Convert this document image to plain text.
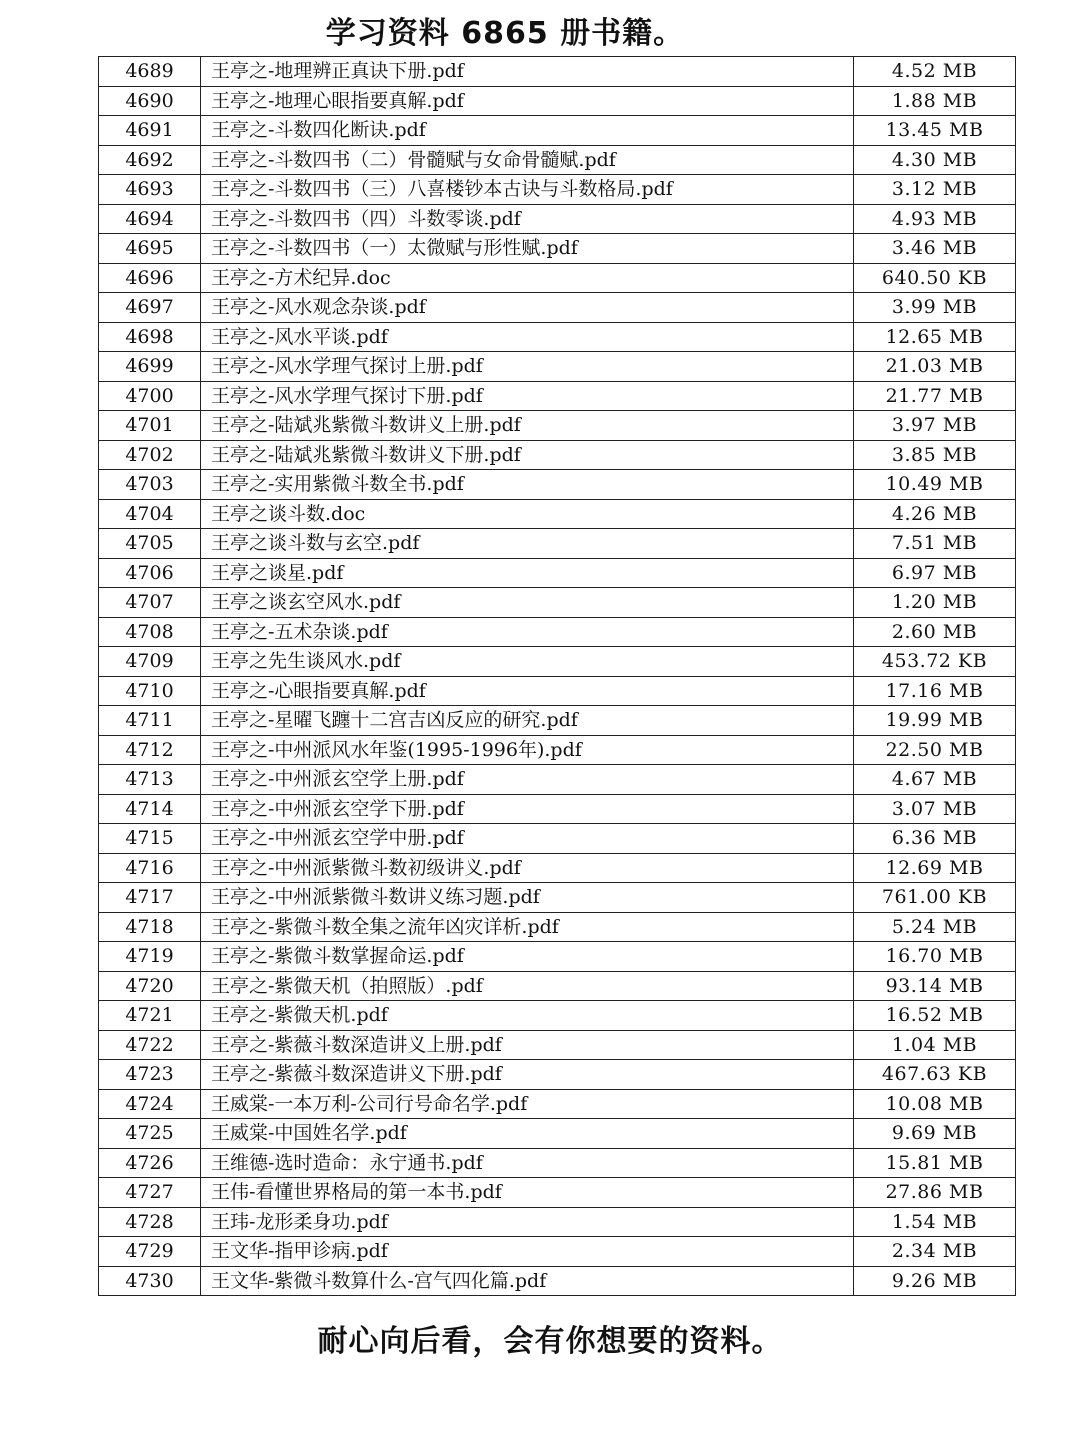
学习资料 6865 册书籍。
4689	王亭之-地理辨正真诀下册.pdf	4.52 MB
4690	王亭之-地理心眼指要真解.pdf	1.88 MB
4691	王亭之-斗数四化断诀.pdf	13.45 MB
4692	王亭之-斗数四书（二）骨髓赋与女命骨髓赋.pdf	4.30 MB
4693	王亭之-斗数四书（三）八喜楼钞本古诀与斗数格局.pdf	3.12 MB
4694	王亭之-斗数四书（四）斗数零谈.pdf	4.93 MB
4695	王亭之-斗数四书（一）太微赋与形性赋.pdf	3.46 MB
4696	王亭之-方术纪异.doc	640.50 KB
4697	王亭之-风水观念杂谈.pdf	3.99 MB
4698	王亭之-风水平谈.pdf	12.65 MB
4699	王亭之-风水学理气探讨上册.pdf	21.03 MB
4700	王亭之-风水学理气探讨下册.pdf	21.77 MB
4701	王亭之-陆斌兆紫微斗数讲义上册.pdf	3.97 MB
4702	王亭之-陆斌兆紫微斗数讲义下册.pdf	3.85 MB
4703	王亭之-实用紫微斗数全书.pdf	10.49 MB
4704	王亭之谈斗数.doc	4.26 MB
4705	王亭之谈斗数与玄空.pdf	7.51 MB
4706	王亭之谈星.pdf	6.97 MB
4707	王亭之谈玄空风水.pdf	1.20 MB
4708	王亭之-五术杂谈.pdf	2.60 MB
4709	王亭之先生谈风水.pdf	453.72 KB
4710	王亭之-心眼指要真解.pdf	17.16 MB
4711	王亭之-星曜飞躔十二宫吉凶反应的研究.pdf	19.99 MB
4712	王亭之-中州派风水年鉴(1995-1996年).pdf	22.50 MB
4713	王亭之-中州派玄空学上册.pdf	4.67 MB
4714	王亭之-中州派玄空学下册.pdf	3.07 MB
4715	王亭之-中州派玄空学中册.pdf	6.36 MB
4716	王亭之-中州派紫微斗数初级讲义.pdf	12.69 MB
4717	王亭之-中州派紫微斗数讲义练习题.pdf	761.00 KB
4718	王亭之-紫微斗数全集之流年凶灾详析.pdf	5.24 MB
4719	王亭之-紫微斗数掌握命运.pdf	16.70 MB
4720	王亭之-紫微天机（拍照版）.pdf	93.14 MB
4721	王亭之-紫微天机.pdf	16.52 MB
4722	王亭之-紫薇斗数深造讲义上册.pdf	1.04 MB
4723	王亭之-紫薇斗数深造讲义下册.pdf	467.63 KB
4724	王威棠-一本万利-公司行号命名学.pdf	10.08 MB
4725	王威棠-中国姓名学.pdf	9.69 MB
4726	王维德-选时造命：永宁通书.pdf	15.81 MB
4727	王伟-看懂世界格局的第一本书.pdf	27.86 MB
4728	王玮-龙形柔身功.pdf	1.54 MB
4729	王文华-指甲诊病.pdf	2.34 MB
4730	王文华-紫微斗数算什么-宫气四化篇.pdf	9.26 MB
耐心向后看，会有你想要的资料。
